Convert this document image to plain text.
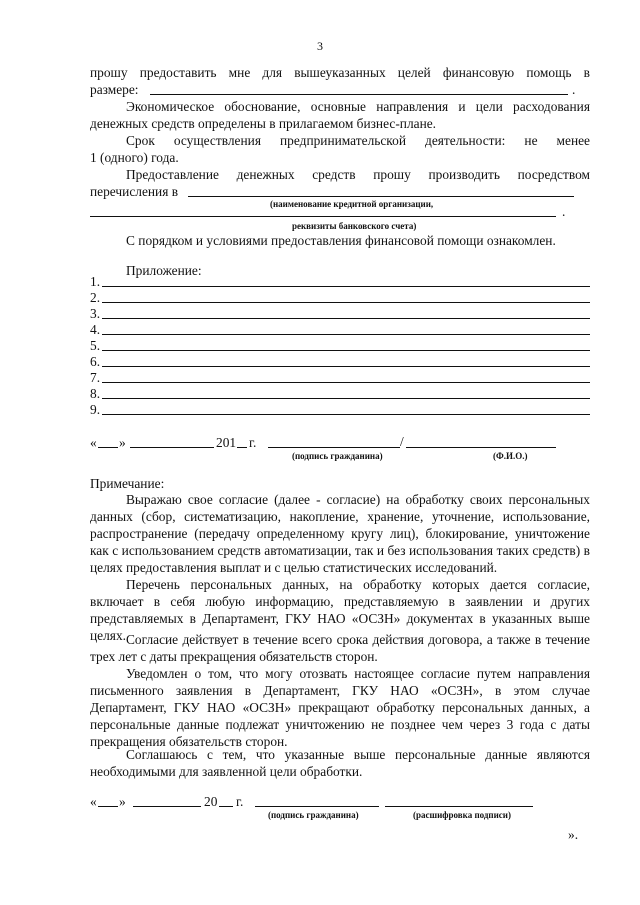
3
прошу предоставить мне для вышеуказанных целей финансовую помощь в
размере:	.
Экономическое обоснование, основные направления и цели расходования денежных средств определены в прилагаемом бизнес-плане.
Срок осуществления предпринимательской деятельности: не менее
1 (одного) года.
Предоставление денежных средств прошу производить посредством
перечисления в
(наименование кредитной организации,	.
реквизиты банковского счета)
С порядком и условиями предоставления финансовой помощи ознакомлен.
Приложение:
1.
2.
3.
4.
5.
6.
7.
8.
9.
« »	201 г.	/
(подпись гражданина)	(Ф.И.О.)
Примечание:
Выражаю свое согласие (далее - согласие) на обработку своих персональных данных (сбор, систематизацию, накопление, хранение, уточнение, использование, распространение (передачу определенному кругу лиц), блокирование, уничтожение как с использованием средств автоматизации, так и без использования таких средств) в целях предоставления выплат и с целью статистических исследований.
Перечень персональных данных, на обработку которых дается согласие, включает в себя любую информацию, представляемую в заявлении и других представляемых в Департамент, ГКУ НАО «ОСЗН» документах в указанных выше целях. Согласие действует в течение всего срока действия договора, а также в течение трех лет с даты прекращения обязательств сторон.
Уведомлен о том, что могу отозвать настоящее согласие путем направления письменного заявления в Департамент, ГКУ НАО «ОСЗН», в этом случае Департамент, ГКУ НАО «ОСЗН» прекращают обработку персональных данных, а персональные данные подлежат уничтожению не позднее чем через 3 года с даты прекращения обязательств сторон.
Соглашаюсь с тем, что указанные выше персональные данные являются необходимыми для заявленной цели обработки.
« »	20 г.
(подпись гражданина)	(расшифровка подписи)
».
